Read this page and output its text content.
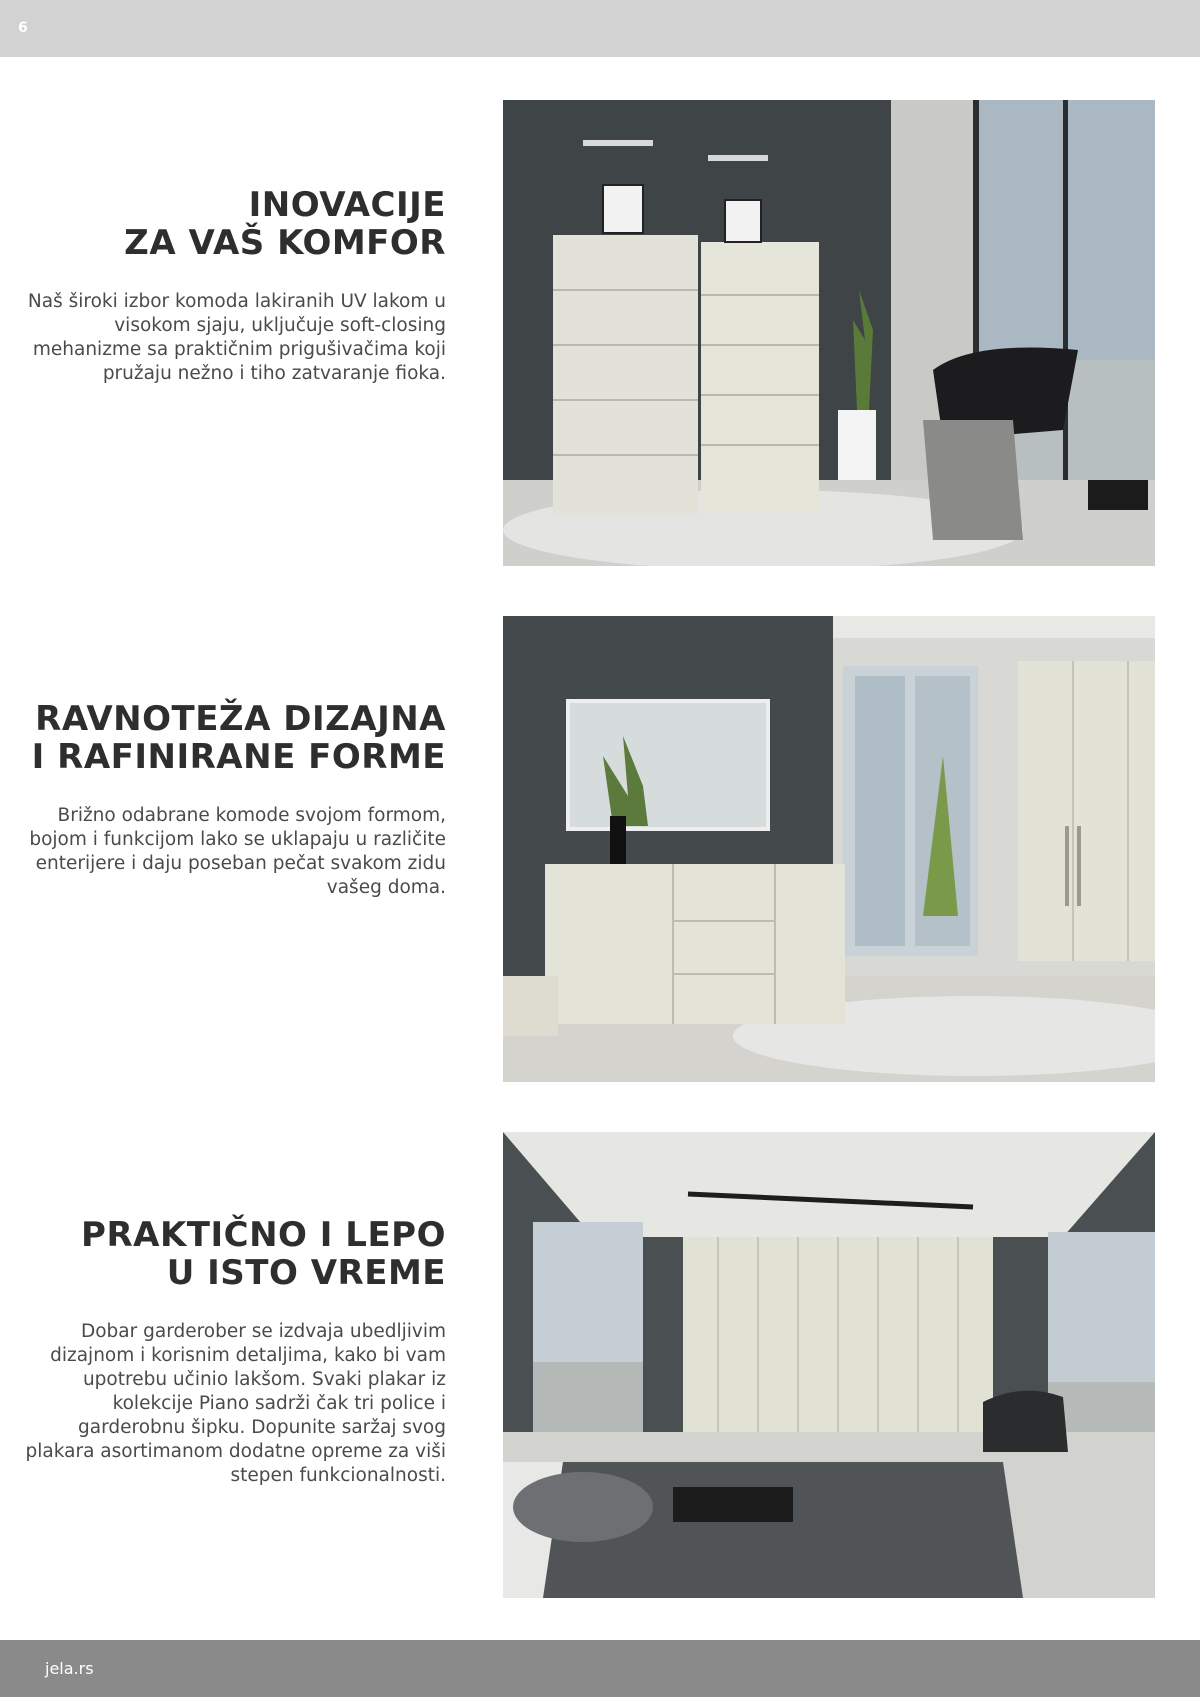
6
INOVACIJE
ZA VAŠ KOMFOR

Naš široki izbor komoda lakiranih UV lakom u visokom sjaju, uključuje soft-closing mehanizme sa praktičnim prigušivačima koji pružaju nežno i tiho zatvaranje fioka.

RAVNOTEŽA DIZAJNA
I RAFINIRANE FORME

Brižno odabrane komode svojom formom, bojom i funkcijom lako se uklapaju u različite enterijere i daju poseban pečat svakom zidu vašeg doma.

PRAKTIČNO I LEPO
U ISTO VREME

Dobar garderober se izdvaja ubedljivim dizajnom i korisnim detaljima, kako bi vam upotrebu učinio lakšom. Svaki plakar iz kolekcije Piano sadrži čak tri police i garderobnu šipku. Dopunite saržaj svog plakara asortimanom dodatne opreme za viši stepen funkcionalnosti.

jela.rs
